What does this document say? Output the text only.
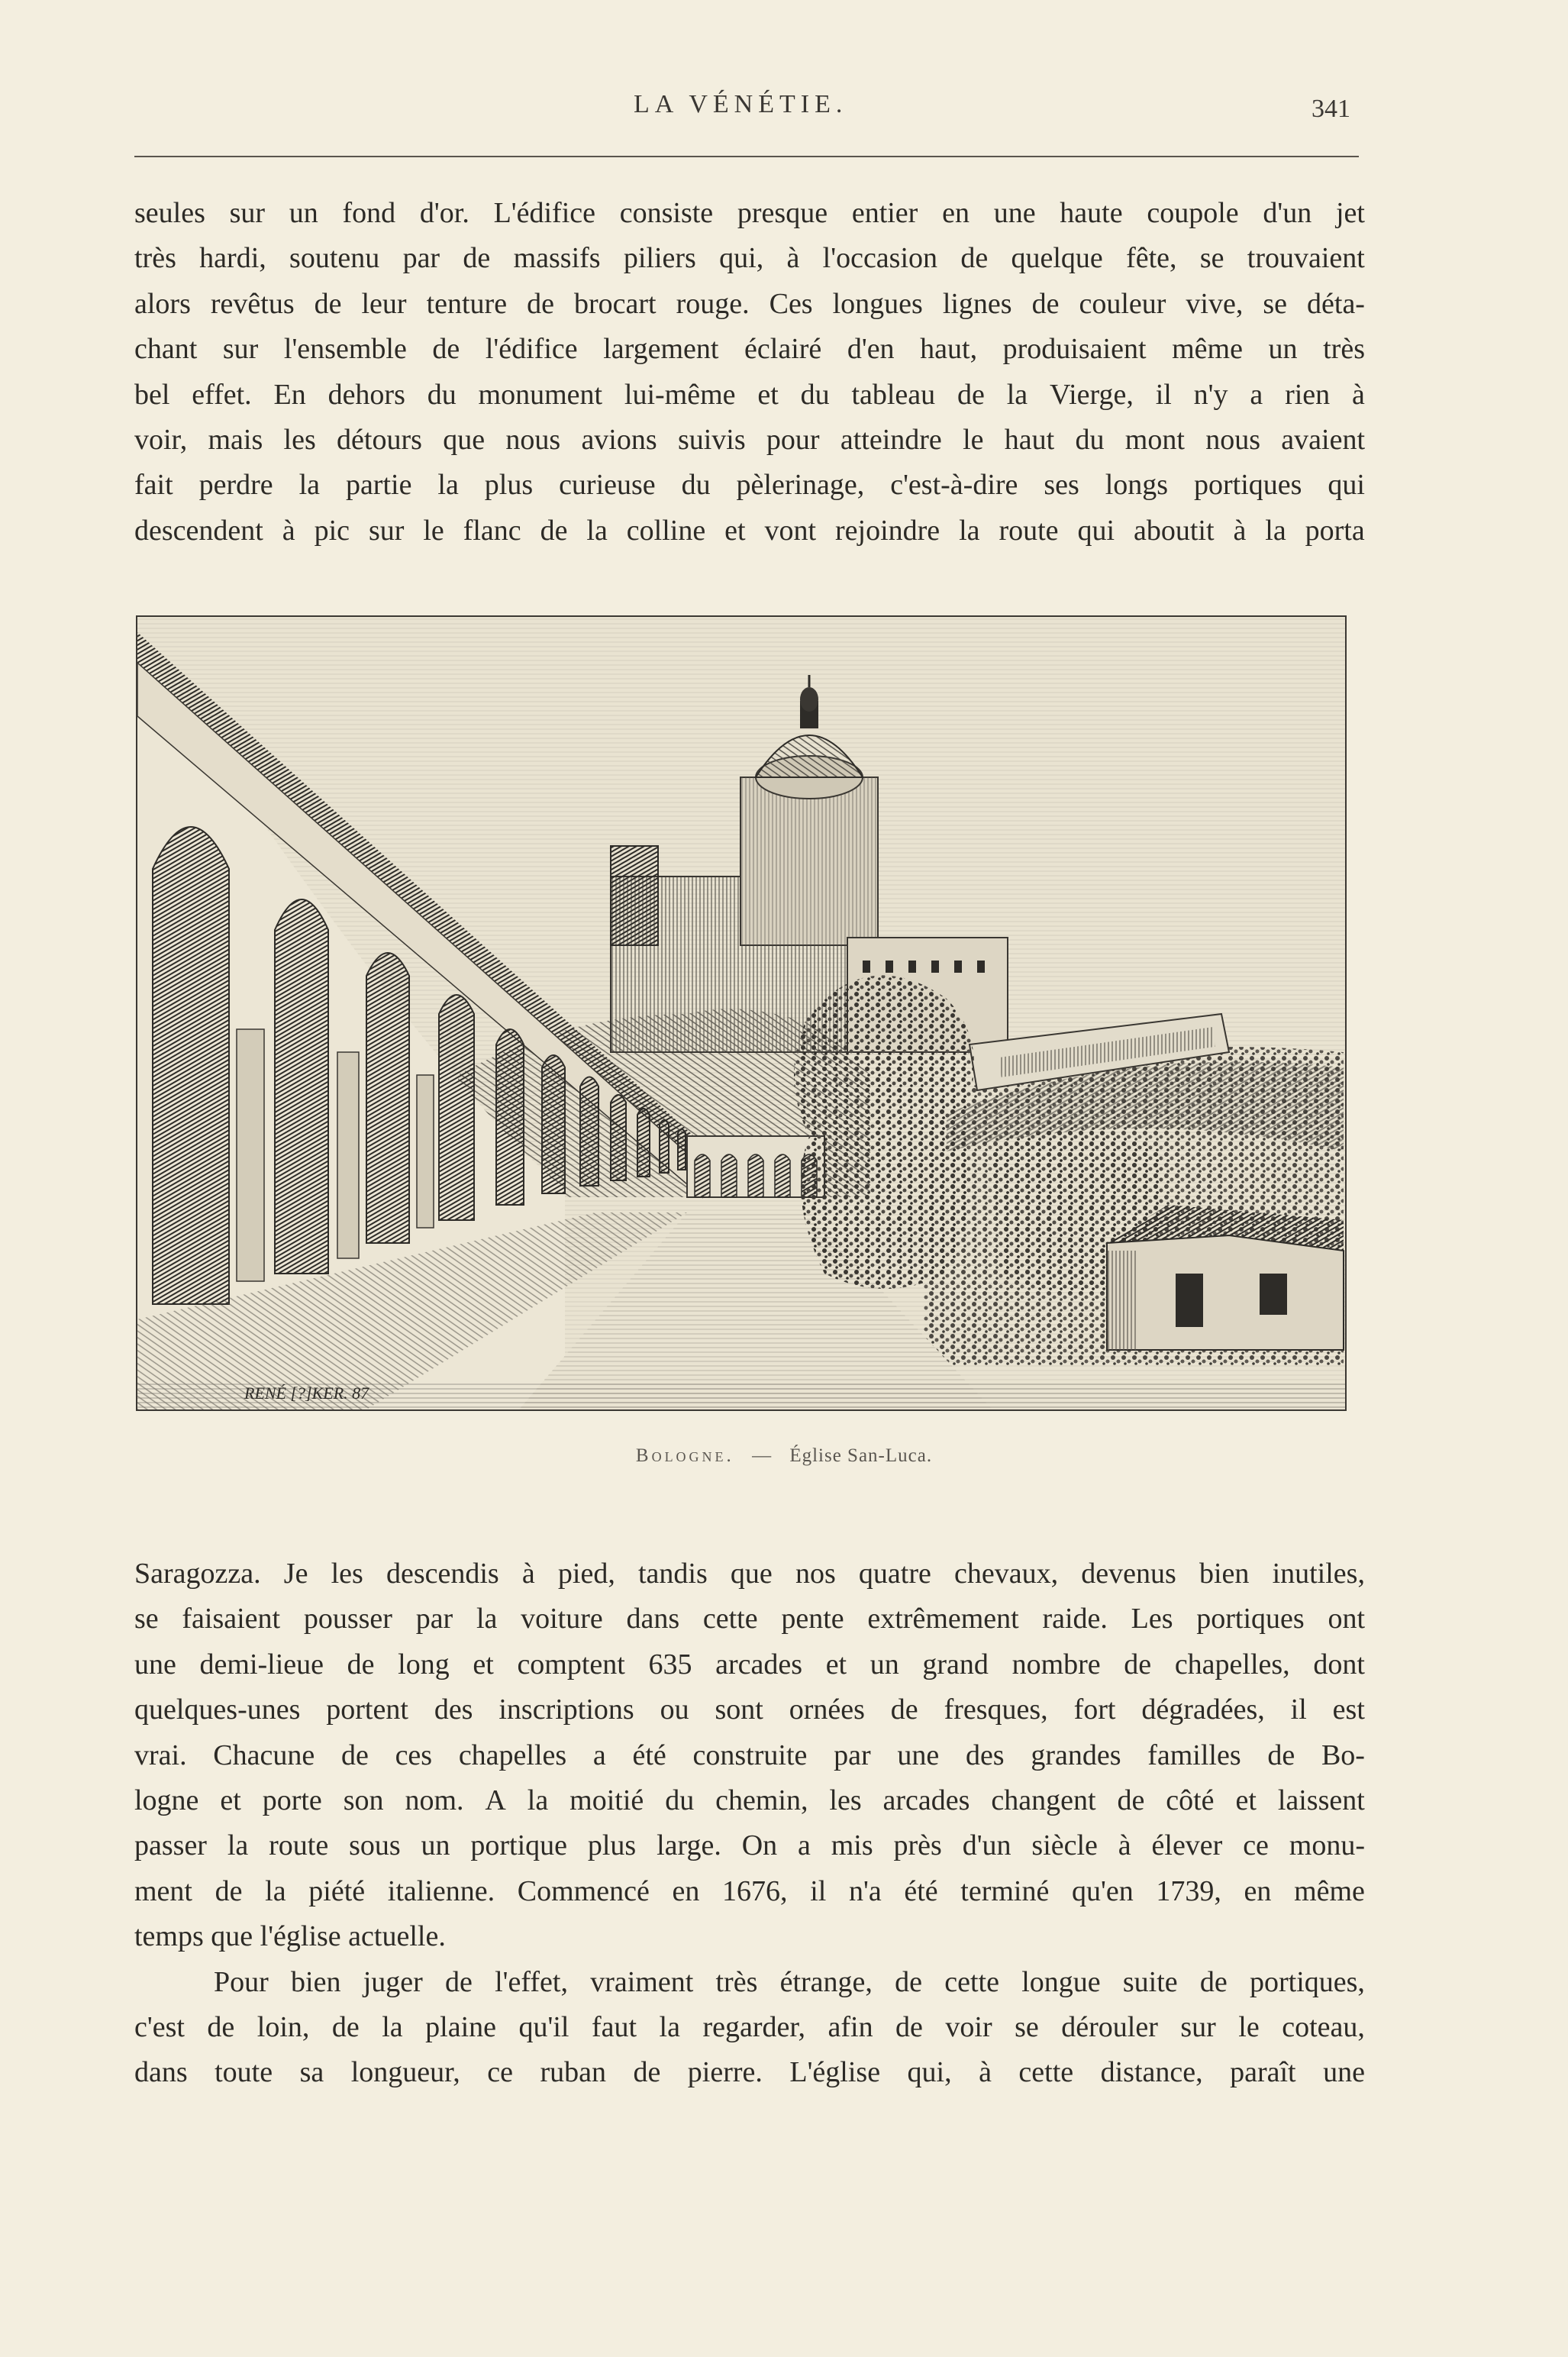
LA VÉNÉTIE.	341
seules sur un fond d'or. L'édifice consiste presque entier en une haute coupole d'un jet
très hardi, soutenu par de massifs piliers qui, à l'occasion de quelque fête, se trouvaient
alors revêtus de leur tenture de brocart rouge. Ces longues lignes de couleur vive, se déta-
chant sur l'ensemble de l'édifice largement éclairé d'en haut, produisaient même un très
bel effet. En dehors du monument lui-même et du tableau de la Vierge, il n'y a rien à
voir, mais les détours que nous avions suivis pour atteindre le haut du mont nous avaient
fait perdre la partie la plus curieuse du pèlerinage, c'est-à-dire ses longs portiques qui
descendent à pic sur le flanc de la colline et vont rejoindre la route qui aboutit à la porta
RENÉ [?]KER. 87
Bologne. — Église San-Luca.
Saragozza. Je les descendis à pied, tandis que nos quatre chevaux, devenus bien inutiles,
se faisaient pousser par la voiture dans cette pente extrêmement raide. Les portiques ont
une demi-lieue de long et comptent 635 arcades et un grand nombre de chapelles, dont
quelques-unes portent des inscriptions ou sont ornées de fresques, fort dégradées, il est
vrai. Chacune de ces chapelles a été construite par une des grandes familles de Bo-
logne et porte son nom. A la moitié du chemin, les arcades changent de côté et laissent
passer la route sous un portique plus large. On a mis près d'un siècle à élever ce monu-
ment de la piété italienne. Commencé en 1676, il n'a été terminé qu'en 1739, en même
temps que l'église actuelle.
Pour bien juger de l'effet, vraiment très étrange, de cette longue suite de portiques,
c'est de loin, de la plaine qu'il faut la regarder, afin de voir se dérouler sur le coteau,
dans toute sa longueur, ce ruban de pierre. L'église qui, à cette distance, paraît une
